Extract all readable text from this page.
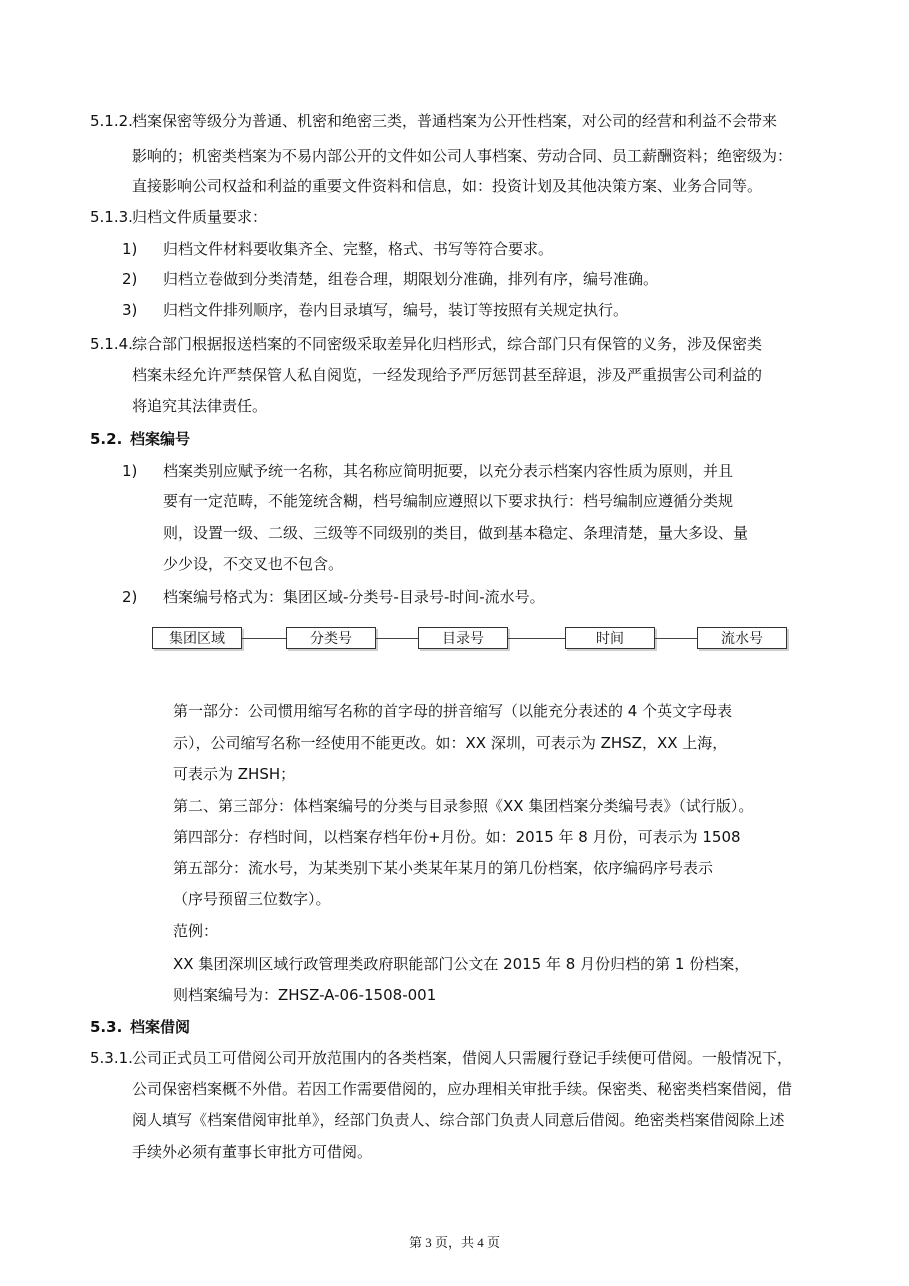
5.1.2. 档案保密等级分为普通、机密和绝密三类，普通档案为公开性档案，对公司的经营和利益不会带来
影响的；机密类档案为不易内部公开的文件如公司人事档案、劳动合同、员工薪酬资料；绝密级为：
直接影响公司权益和利益的重要文件资料和信息，如：投资计划及其他决策方案、业务合同等。
5.1.3. 归档文件质量要求：
1) 归档文件材料要收集齐全、完整，格式、书写等符合要求。
2) 归档立卷做到分类清楚，组卷合理，期限划分准确，排列有序，编号准确。
3) 归档文件排列顺序，卷内目录填写，编号，装订等按照有关规定执行。
5.1.4. 综合部门根据报送档案的不同密级采取差异化归档形式，综合部门只有保管的义务，涉及保密类
档案未经允许严禁保管人私自阅览，一经发现给予严厉惩罚甚至辞退，涉及严重损害公司利益的
将追究其法律责任。
5.2. 档案编号
1) 档案类别应赋予统一名称，其名称应简明扼要，以充分表示档案内容性质为原则，并且
要有一定范畴，不能笼统含糊，档号编制应遵照以下要求执行：档号编制应遵循分类规
则，设置一级、二级、三级等不同级别的类目，做到基本稳定、条理清楚，量大多设、量
少少设，不交叉也不包含。
2) 档案编号格式为：集团区域-分类号-目录号-时间-流水号。
集团区域	分类号	目录号	时间	流水号
第一部分：公司惯用缩写名称的首字母的拼音缩写（以能充分表述的 4 个英文字母表
示），公司缩写名称一经使用不能更改。如：XX 深圳，可表示为 ZHSZ，XX 上海，
可表示为 ZHSH；
第二、第三部分：体档案编号的分类与目录参照《XX 集团档案分类编号表》（试行版）。
第四部分：存档时间，以档案存档年份+月份。如：2015 年 8 月份，可表示为 1508
第五部分：流水号，为某类别下某小类某年某月的第几份档案，依序编码序号表示
（序号预留三位数字）。
范例：
XX 集团深圳区域行政管理类政府职能部门公文在 2015 年 8 月份归档的第 1 份档案，
则档案编号为：ZHSZ-A-06-1508-001
5.3. 档案借阅
5.3.1. 公司正式员工可借阅公司开放范围内的各类档案，借阅人只需履行登记手续便可借阅。一般情况下，
公司保密档案概不外借。若因工作需要借阅的，应办理相关审批手续。保密类、秘密类档案借阅，借
阅人填写《档案借阅审批单》，经部门负责人、综合部门负责人同意后借阅。绝密类档案借阅除上述
手续外必须有董事长审批方可借阅。
第 3 页，共 4 页
